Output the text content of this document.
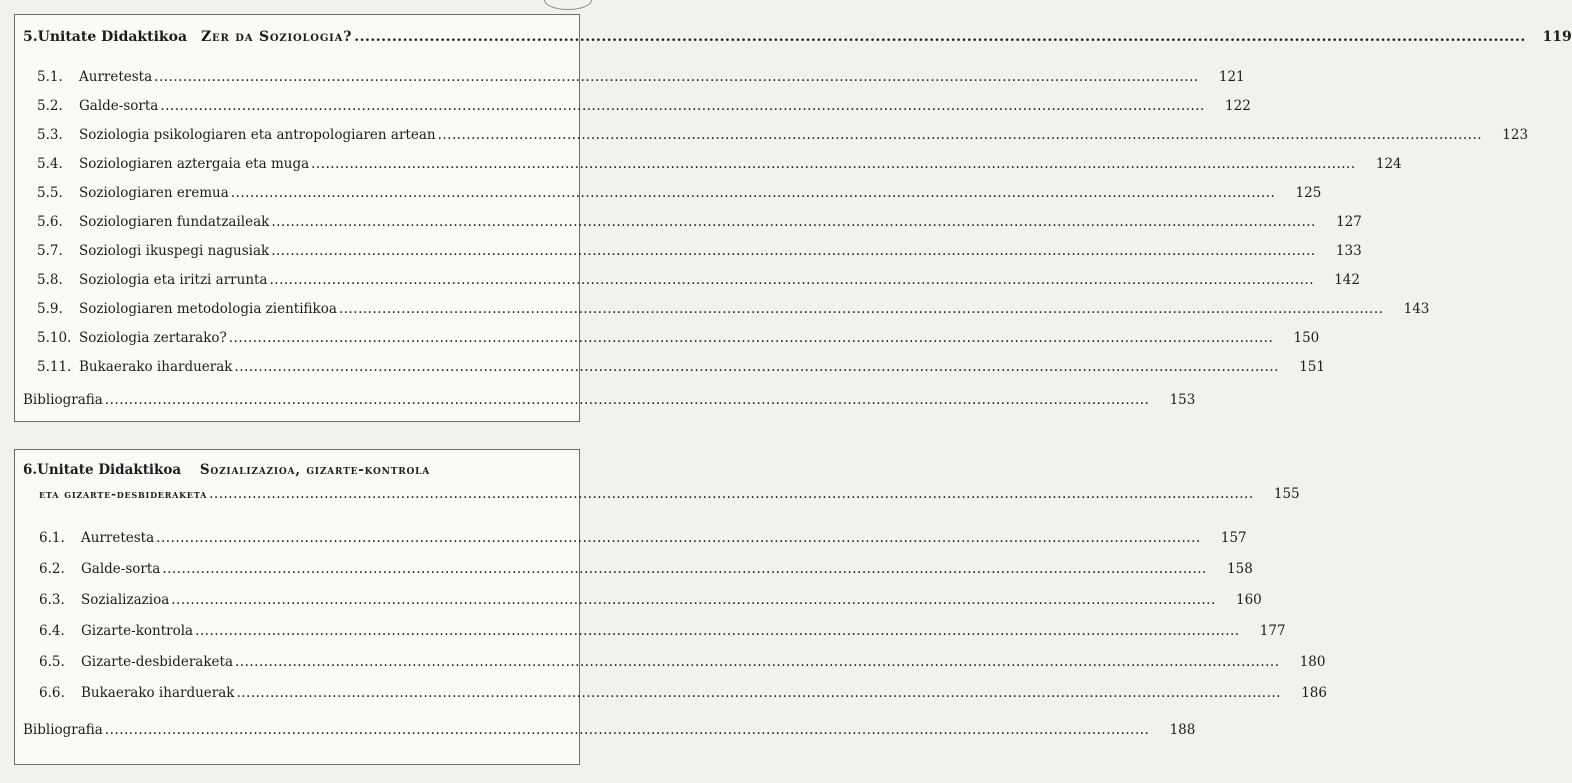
5.Unitate Didaktikoa Zer da Soziologia? .....	119
5.1.	Aurretesta .....	121
5.2.	Galde-sorta .....	122
5.3.	Soziologia psikologiaren eta antropologiaren artean .....	123
5.4.	Soziologiaren aztergaia eta muga .....	124
5.5.	Soziologiaren eremua .....	125
5.6.	Soziologiaren fundatzaileak .....	127
5.7.	Soziologi ikuspegi nagusiak .....	133
5.8.	Soziologia eta iritzi arrunta .....	142
5.9.	Soziologiaren metodologia zientifikoa .....	143
5.10. Soziologia zertarako? .....	150
5.11. Bukaerako iharduerak .....	151
Bibliografia .....	153
6.Unitate Didaktikoa Sozializazioa, gizarte-kontrola
eta gizarte-desbideraketa .....	155
6.1.	Aurretesta .....	157
6.2.	Galde-sorta .....	158
6.3.	Sozializazioa .....	160
6.4.	Gizarte-kontrola .....	177
6.5.	Gizarte-desbideraketa .....	180
6.6.	Bukaerako iharduerak .....	186
Bibliografia .....	188
